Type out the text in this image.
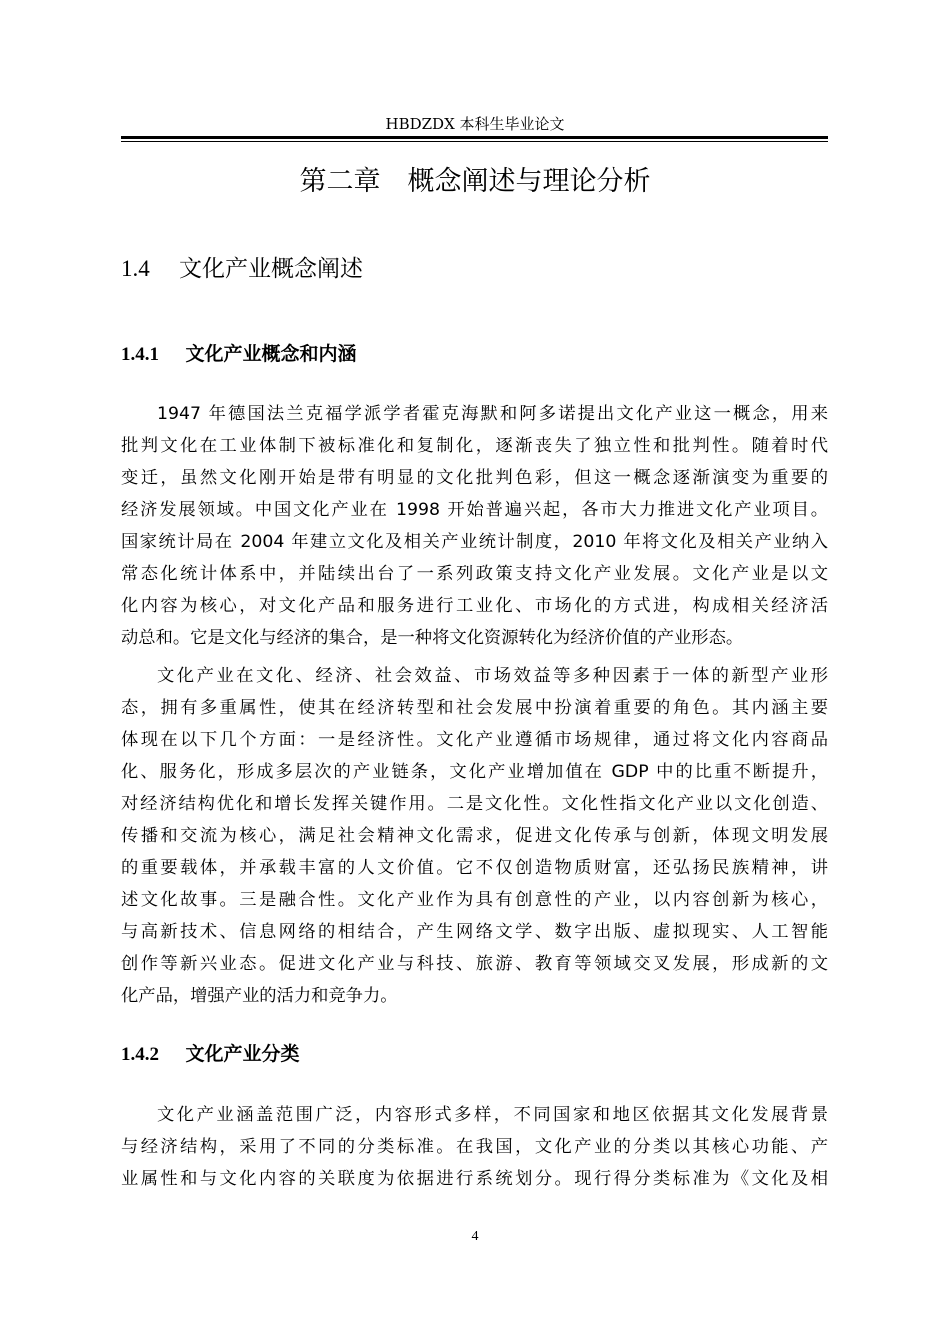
HBDZDX 本科生毕业论文
第二章　概念阐述与理论分析
1.4 文化产业概念阐述
1.4.1 文化产业概念和内涵
1947 年德国法兰克福学派学者霍克海默和阿多诺提出文化产业这一概念，用来
批判文化在工业体制下被标准化和复制化，逐渐丧失了独立性和批判性。随着时代
变迁，虽然文化刚开始是带有明显的文化批判色彩，但这一概念逐渐演变为重要的
经济发展领域。中国文化产业在 1998 开始普遍兴起，各市大力推进文化产业项目。
国家统计局在 2004 年建立文化及相关产业统计制度，2010 年将文化及相关产业纳入
常态化统计体系中，并陆续出台了一系列政策支持文化产业发展。文化产业是以文
化内容为核心，对文化产品和服务进行工业化、市场化的方式进，构成相关经济活
动总和。它是文化与经济的集合，是一种将文化资源转化为经济价值的产业形态。
文化产业在文化、经济、社会效益、市场效益等多种因素于一体的新型产业形
态，拥有多重属性，使其在经济转型和社会发展中扮演着重要的角色。其内涵主要
体现在以下几个方面：一是经济性。文化产业遵循市场规律，通过将文化内容商品
化、服务化，形成多层次的产业链条，文化产业增加值在 GDP 中的比重不断提升，
对经济结构优化和增长发挥关键作用。二是文化性。文化性指文化产业以文化创造、
传播和交流为核心，满足社会精神文化需求，促进文化传承与创新，体现文明发展
的重要载体，并承载丰富的人文价值。它不仅创造物质财富，还弘扬民族精神，讲
述文化故事。三是融合性。文化产业作为具有创意性的产业，以内容创新为核心，
与高新技术、信息网络的相结合，产生网络文学、数字出版、虚拟现实、人工智能
创作等新兴业态。促进文化产业与科技、旅游、教育等领域交叉发展，形成新的文
化产品，增强产业的活力和竞争力。
1.4.2 文化产业分类
文化产业涵盖范围广泛，内容形式多样，不同国家和地区依据其文化发展背景
与经济结构，采用了不同的分类标准。在我国，文化产业的分类以其核心功能、产
业属性和与文化内容的关联度为依据进行系统划分。现行得分类标准为《文化及相
4
